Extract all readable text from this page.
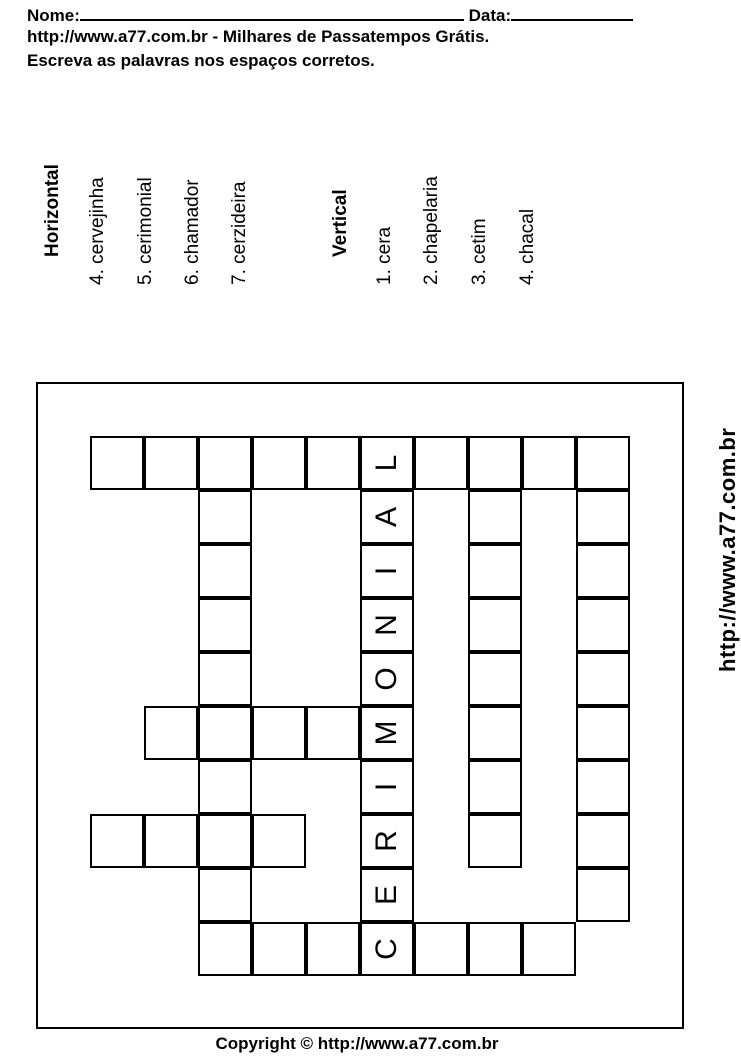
Nome:	Data:
http://www.a77.com.br - Milhares de Passatempos Grátis.
Escreva as palavras nos espaços corretos.
Horizontal 4. cervejinha 5. cerimonial 6. chamador 7. cerzideira	Vertical 1. cera 2. chapelaria 3. cetim 4. chacal
L
A
I
N
O
M
I
R
E
C
http://www.a77.com.br
Copyright © http://www.a77.com.br
